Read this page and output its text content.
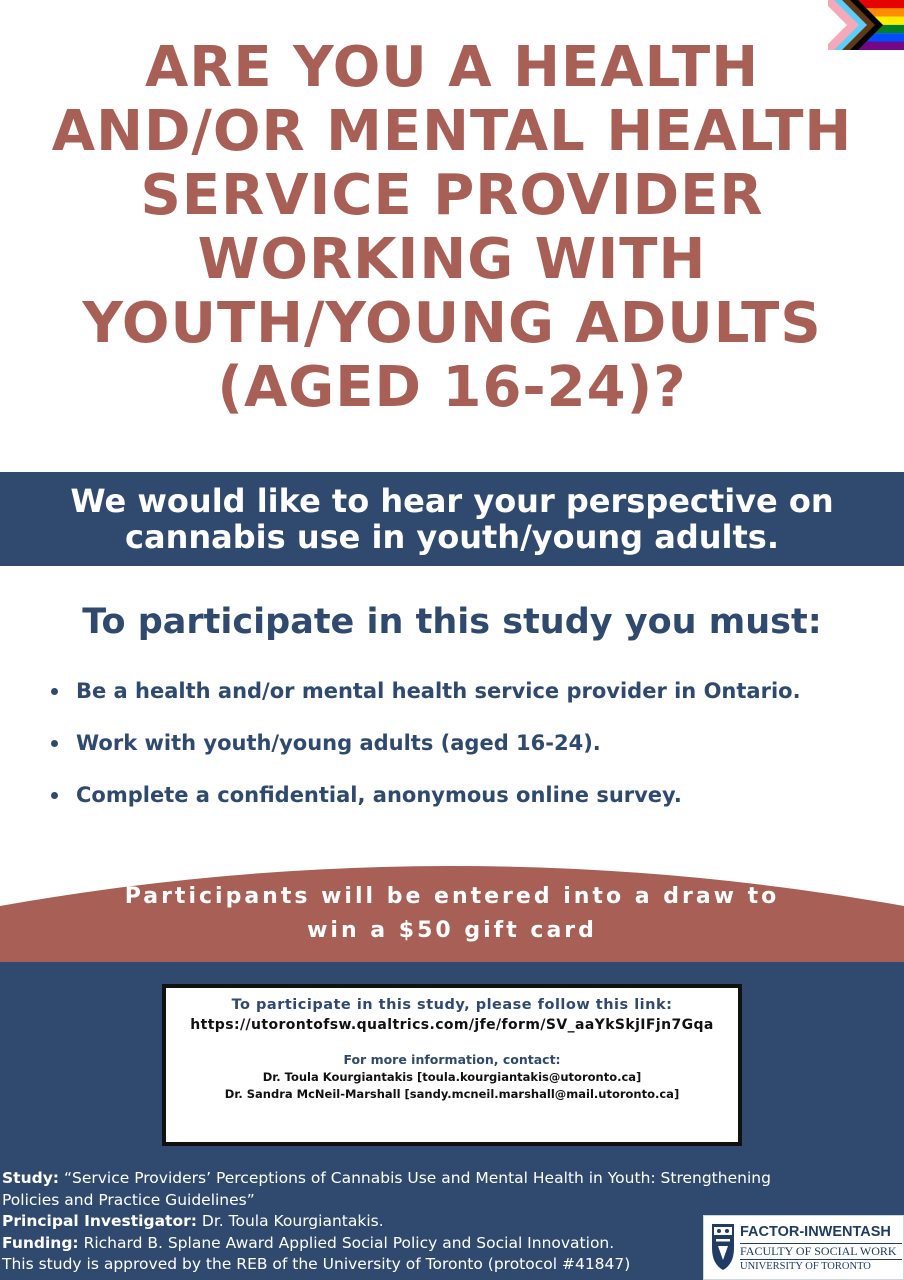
ARE YOU A HEALTH
AND/OR MENTAL HEALTH
SERVICE PROVIDER
WORKING WITH
YOUTH/YOUNG ADULTS
(AGED 16-24)?
We would like to hear your perspective on
cannabis use in youth/young adults.
To participate in this study you must:
Be a health and/or mental health service provider in Ontario.
Work with youth/young adults (aged 16-24).
Complete a confidential, anonymous online survey.
Participants will be entered into a draw to
win a $50 gift card
To participate in this study, please follow this link:
https://utorontofsw.qualtrics.com/jfe/form/SV_aaYkSkjIFjn7Gqa
For more information, contact:
Dr. Toula Kourgiantakis [toula.kourgiantakis@utoronto.ca]
Dr. Sandra McNeil-Marshall [sandy.mcneil.marshall@mail.utoronto.ca]
Study: “Service Providers’ Perceptions of Cannabis Use and Mental Health in Youth: Strengthening
Policies and Practice Guidelines”
Principal Investigator: Dr. Toula Kourgiantakis.
Funding: Richard B. Splane Award Applied Social Policy and Social Innovation.
This study is approved by the REB of the University of Toronto (protocol #41847)
FACTOR-INWENTASH
FACULTY OF SOCIAL WORK
UNIVERSITY OF TORONTO
